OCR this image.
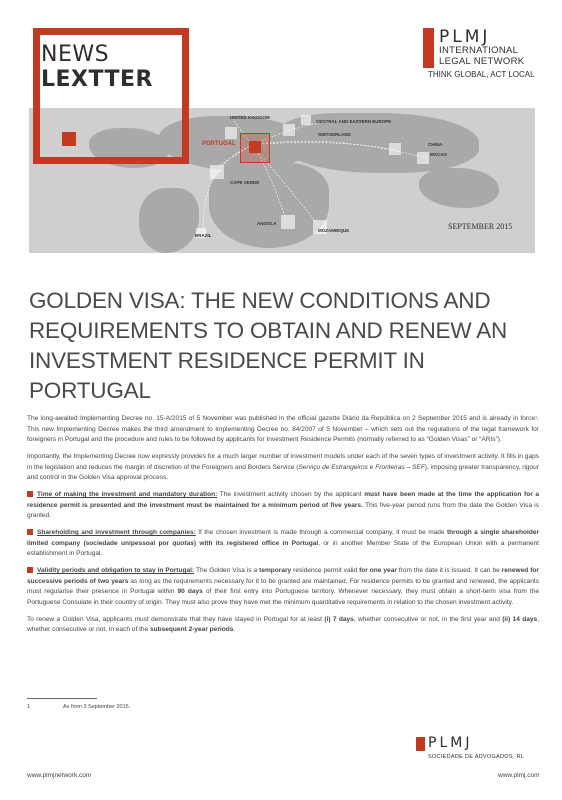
NEWS
LEXTTER
PLMJ
INTERNATIONAL
LEGAL NETWORK
THINK GLOBAL, ACT LOCAL
UNITED KINGDOM
CENTRAL AND EASTERN EUROPE
PORTUGAL
SWITZERLAND
CHINA
MACAO
CAPE VERDE
ANGOLA
BRAZIL
MOZAMBIQUE	SEPTEMBER 2015
GOLDEN VISA: THE NEW CONDITIONS AND REQUIREMENTS TO OBTAIN AND RENEW AN INVESTMENT RESIDENCE PERMIT IN PORTUGAL

The long-awaited Implementing Decree no. 15-A/2015 of 5 November was published in the official gazette Diário da República on 2 September 2015 and is already in force¹. This new Implementing Decree makes the third amendment to Implementing Decree no. 84/2007 of 5 November – which sets out the regulations of the legal framework for foreigners in Portugal and the procedure and rules to be followed by applicants for Investment Residence Permits (normally referred to as “Golden Visas” or “ARIs”).

Importantly, the Implementing Decree now expressly provides for a much larger number of investment models under each of the seven types of investment activity. It fills in gaps in the legislation and reduces the margin of discretion of the Foreigners and Borders Service (Serviço de Estrangeiros e Fronteiras – SEF), imposing greater transparency, rigour and control in the Golden Visa approval process.

Time of making the investment and mandatory duration: The investment activity chosen by the applicant must have been made at the time the application for a residence permit is presented and the investment must be maintained for a minimum period of five years. This five-year period runs from the date the Golden Visa is granted.

Shareholding and investment through companies: If the chosen investment is made through a commercial company, it must be made through a single shareholder limited company (sociedade unipessoal por quotas) with its registered office in Portugal, or in another Member State of the European Union with a permanent establishment in Portugal.

Validity periods and obligation to stay in Portugal: The Golden Visa is a temporary residence permit valid for one year from the date it is issued. It can be renewed for successive periods of two years as long as the requirements necessary for it to be granted are maintained. For residence permits to be granted and renewed, the applicants must regularise their presence in Portugal within 90 days of their first entry into Portuguese territory. Whenever necessary, they must obtain a short-term visa from the Portuguese Consulate in their country of origin. They must also prove they have met the minimum quantitative requirements in relation to the chosen investment activity.

To renew a Golden Visa, applicants must demonstrate that they have stayed in Portugal for at least (i) 7 days, whether consecutive or not, in the first year and (ii) 14 days, whether consecutive or not, in each of the subsequent 2-year periods.

1	As from 3 September 2015.
PLMJ
SOCIEDADE DE ADVOGADOS, RL
www.plmjnetwork.com	www.plmj.com
